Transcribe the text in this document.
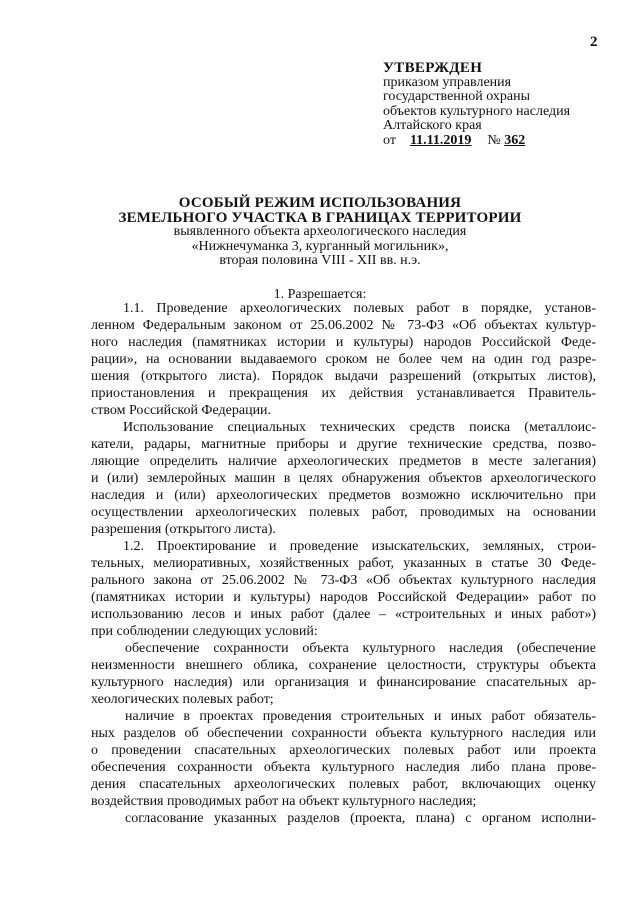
2
УТВЕРЖДЕН
приказом управления
государственной охраны
объектов культурного наследия
Алтайского края
от 11.11.2019 № 362
ОСОБЫЙ РЕЖИМ ИСПОЛЬЗОВАНИЯ
ЗЕМЕЛЬНОГО УЧАСТКА В ГРАНИЦАХ ТЕРРИТОРИИ
выявленного объекта археологического наследия
«Нижнечуманка 3, курганный могильник»,
вторая половина VIII - XII вв. н.э.
1. Разрешается:
1.1. Проведение археологических полевых работ в порядке, установ-
ленном Федеральным законом от 25.06.2002 № 73-ФЗ «Об объектах культур-
ного наследия (памятниках истории и культуры) народов Российской Феде-
рации», на основании выдаваемого сроком не более чем на один год разре-
шения (открытого листа). Порядок выдачи разрешений (открытых листов),
приостановления и прекращения их действия устанавливается Правитель-
ством Российской Федерации.
Использование специальных технических средств поиска (металлоис-
катели, радары, магнитные приборы и другие технические средства, позво-
ляющие определить наличие археологических предметов в месте залегания)
и (или) землеройных машин в целях обнаружения объектов археологического
наследия и (или) археологических предметов возможно исключительно при
осуществлении археологических полевых работ, проводимых на основании
разрешения (открытого листа).
1.2. Проектирование и проведение изыскательских, земляных, строи-
тельных, мелиоративных, хозяйственных работ, указанных в статье 30 Феде-
рального закона от 25.06.2002 № 73-ФЗ «Об объектах культурного наследия
(памятниках истории и культуры) народов Российской Федерации» работ по
использованию лесов и иных работ (далее – «строительных и иных работ»)
при соблюдении следующих условий:
обеспечение сохранности объекта культурного наследия (обеспечение
неизменности внешнего облика, сохранение целостности, структуры объекта
культурного наследия) или организация и финансирование спасательных ар-
хеологических полевых работ;
наличие в проектах проведения строительных и иных работ обязатель-
ных разделов об обеспечении сохранности объекта культурного наследия или
о проведении спасательных археологических полевых работ или проекта
обеспечения сохранности объекта культурного наследия либо плана прове-
дения спасательных археологических полевых работ, включающих оценку
воздействия проводимых работ на объект культурного наследия;
согласование указанных разделов (проекта, плана) с органом исполни-
